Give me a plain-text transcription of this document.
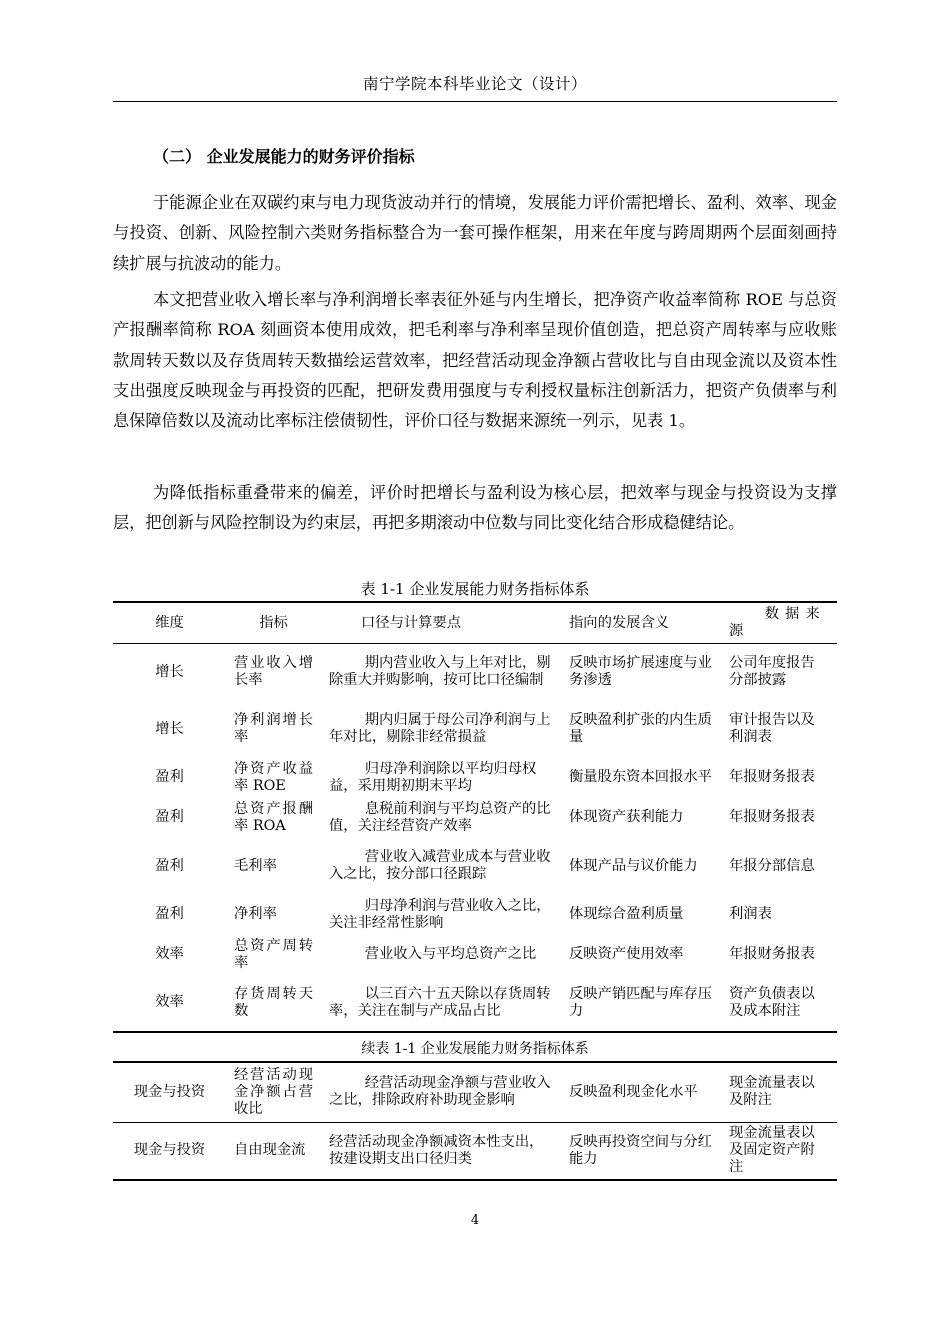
南宁学院本科毕业论文（设计）
（二） 企业发展能力的财务评价指标

于能源企业在双碳约束与电力现货波动并行的情境，发展能力评价需把增长、盈利、效率、现金与投资、创新、风险控制六类财务指标整合为一套可操作框架，用来在年度与跨周期两个层面刻画持续扩展与抗波动的能力。

本文把营业收入增长率与净利润增长率表征外延与内生增长，把净资产收益率简称 ROE 与总资产报酬率简称 ROA 刻画资本使用成效，把毛利率与净利率呈现价值创造，把总资产周转率与应收账款周转天数以及存货周转天数描绘运营效率，把经营活动现金净额占营收比与自由现金流以及资本性支出强度反映现金与再投资的匹配，把研发费用强度与专利授权量标注创新活力，把资产负债率与利息保障倍数以及流动比率标注偿债韧性，评价口径与数据来源统一列示，见表 1。

为降低指标重叠带来的偏差，评价时把增长与盈利设为核心层，把效率与现金与投资设为支撑层，把创新与风险控制设为约束层，再把多期滚动中位数与同比变化结合形成稳健结论。

表 1-1 企业发展能力财务指标体系
维度	指标	口径与计算要点	指向的发展含义	数据来源
增长	营业收入增长率	期内营业收入与上年对比，剔除重大并购影响，按可比口径编制	反映市场扩展速度与业务渗透	公司年度报告分部披露
增长	净利润增长率	期内归属于母公司净利润与上年对比，剔除非经常损益	反映盈利扩张的内生质量	审计报告以及利润表
盈利	净资产收益率 ROE	归母净利润除以平均归母权益，采用期初期末平均	衡量股东资本回报水平	年报财务报表
盈利	总资产报酬率 ROA	息税前利润与平均总资产的比值，关注经营资产效率	体现资产获利能力	年报财务报表
盈利	毛利率	营业收入减营业成本与营业收入之比，按分部口径跟踪	体现产品与议价能力	年报分部信息
盈利	净利率	归母净利润与营业收入之比，关注非经常性影响	体现综合盈利质量	利润表
效率	总资产周转率	营业收入与平均总资产之比	反映资产使用效率	年报财务报表
效率	存货周转天数	以三百六十五天除以存货周转率，关注在制与产成品占比	反映产销匹配与库存压力	资产负债表以及成本附注
续表 1-1 企业发展能力财务指标体系
现金与投资	经营活动现金净额占营收比	经营活动现金净额与营业收入之比，排除政府补助现金影响	反映盈利现金化水平	现金流量表以及附注
现金与投资	自由现金流	经营活动现金净额减资本性支出，按建设期支出口径归类	反映再投资空间与分红能力	现金流量表以及固定资产附注
4
